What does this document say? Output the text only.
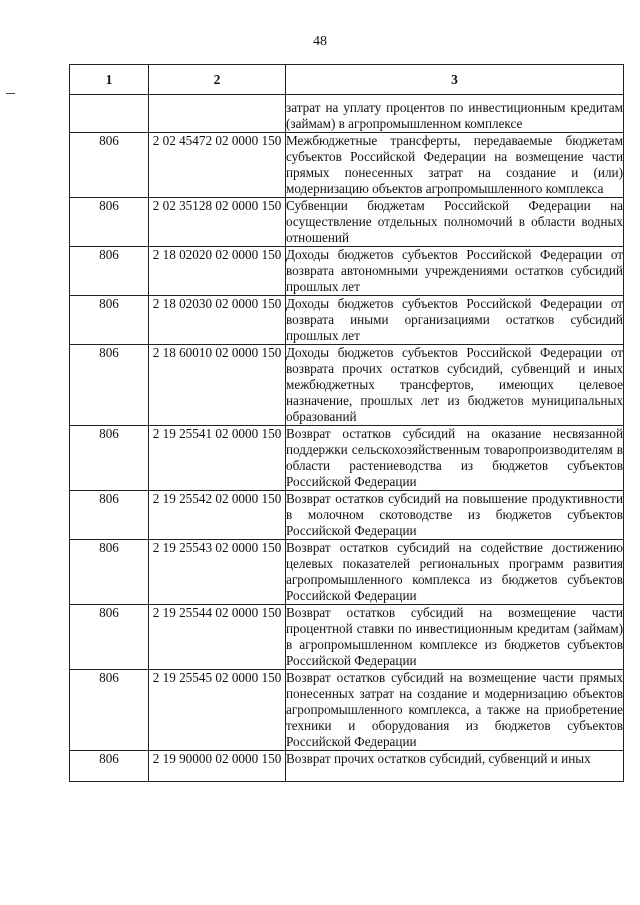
48
1	2	3
		затрат на уплату процентов по инвестиционным кредитам (займам) в агропромышленном комплексе
806	2 02 45472 02 0000 150	Межбюджетные трансферты, передаваемые бюджетам субъектов Российской Федерации на возмещение части прямых понесенных затрат на создание и (или) модернизацию объектов агропромышленного комплекса
806	2 02 35128 02 0000 150	Субвенции бюджетам Российской Федерации на осуществление отдельных полномочий в области водных отношений
806	2 18 02020 02 0000 150	Доходы бюджетов субъектов Российской Федерации от возврата автономными учреждениями остатков субсидий прошлых лет
806	2 18 02030 02 0000 150	Доходы бюджетов субъектов Российской Федерации от возврата иными организациями остатков субсидий прошлых лет
806	2 18 60010 02 0000 150	Доходы бюджетов субъектов Российской Федерации от возврата прочих остатков субсидий, субвенций и иных межбюджетных трансфертов, имеющих целевое назначение, прошлых лет из бюджетов муниципальных образований
806	2 19 25541 02 0000 150	Возврат остатков субсидий на оказание несвязанной поддержки сельскохозяйственным товаропроизводителям в области растениеводства из бюджетов субъектов Российской Федерации
806	2 19 25542 02 0000 150	Возврат остатков субсидий на повышение продуктивности в молочном скотоводстве из бюджетов субъектов Российской Федерации
806	2 19 25543 02 0000 150	Возврат остатков субсидий на содействие достижению целевых показателей региональных программ развития агропромышленного комплекса из бюджетов субъектов Российской Федерации
806	2 19 25544 02 0000 150	Возврат остатков субсидий на возмещение части процентной ставки по инвестиционным кредитам (займам) в агропромышленном комплексе из бюджетов субъектов Российской Федерации
806	2 19 25545 02 0000 150	Возврат остатков субсидий на возмещение части прямых понесенных затрат на создание и модернизацию объектов агропромышленного комплекса, а также на приобретение техники и оборудования из бюджетов субъектов Российской Федерации
806	2 19 90000 02 0000 150	Возврат прочих остатков субсидий, субвенций и иных
